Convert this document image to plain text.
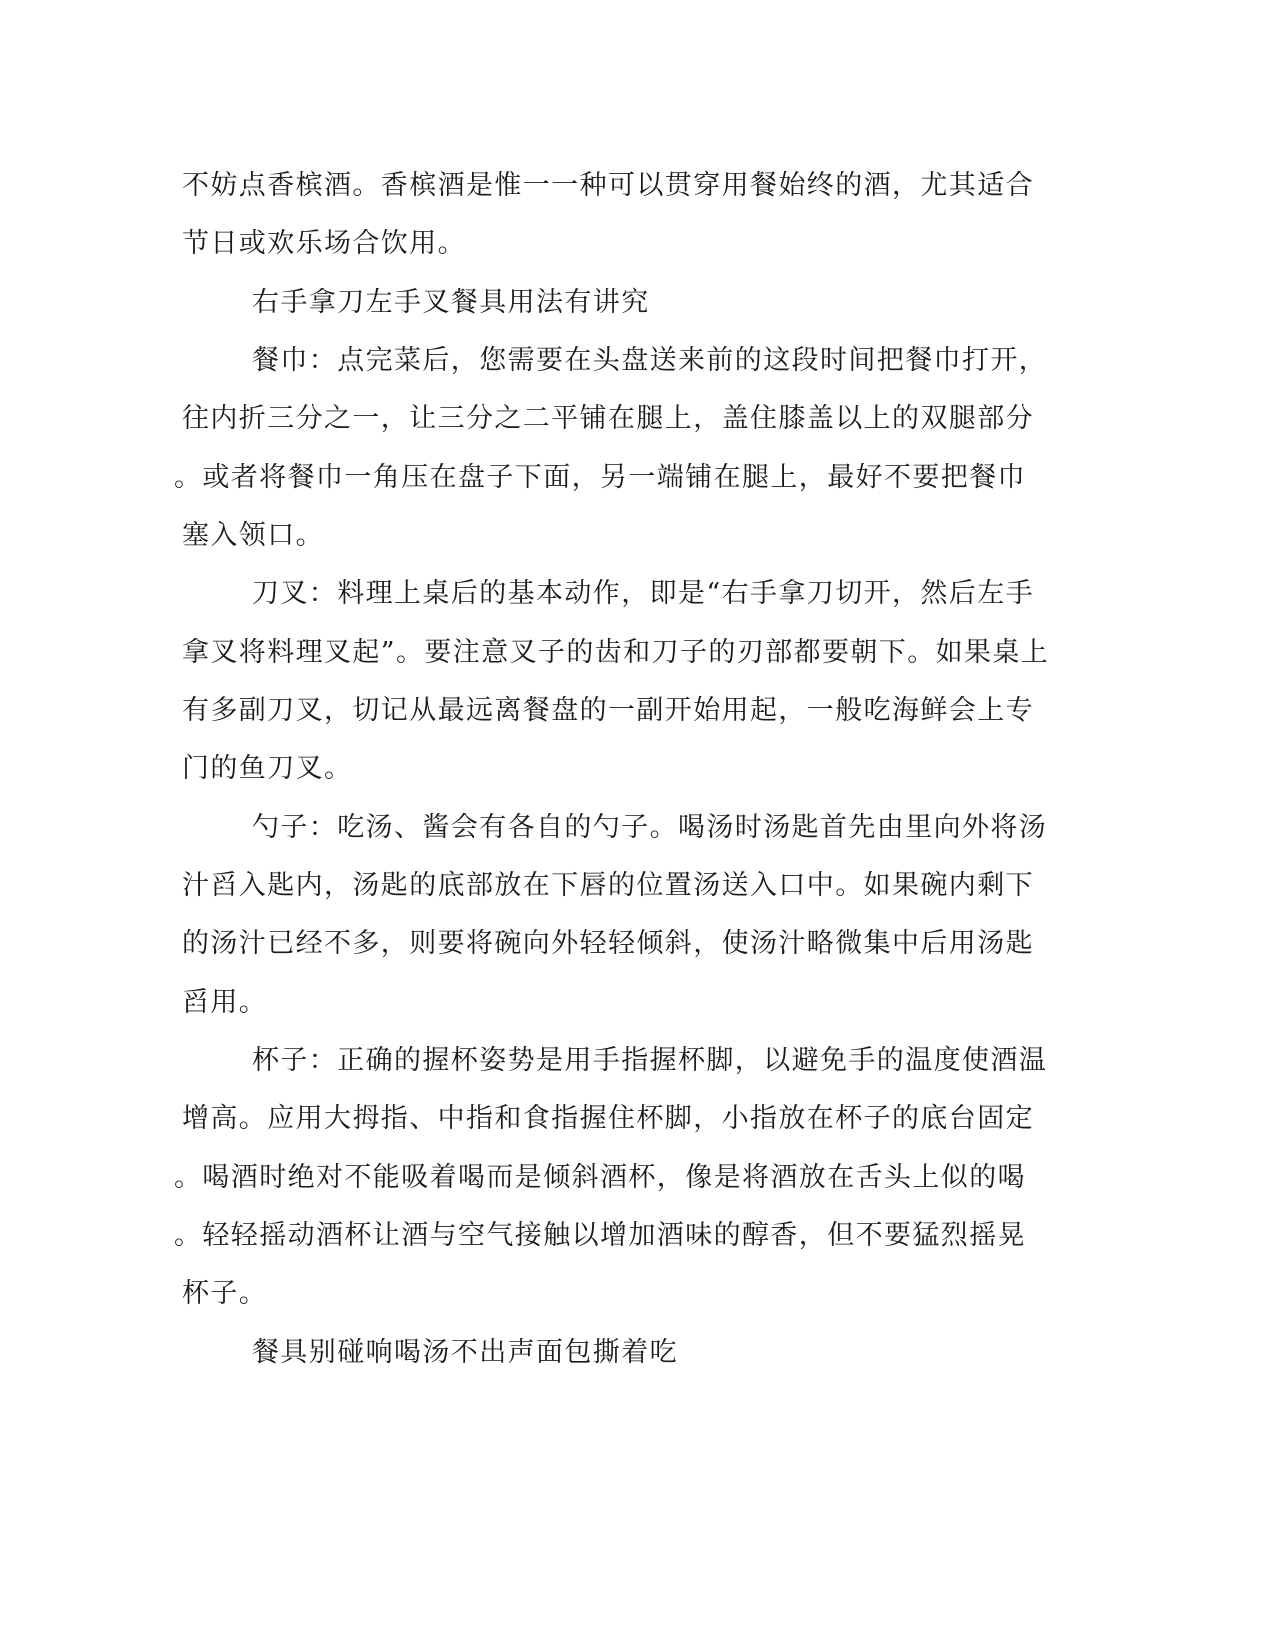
不妨点香槟酒。香槟酒是惟一一种可以贯穿用餐始终的酒，尤其适合
节日或欢乐场合饮用。
右手拿刀左手叉餐具用法有讲究
餐巾：点完菜后，您需要在头盘送来前的这段时间把餐巾打开，
往内折三分之一，让三分之二平铺在腿上，盖住膝盖以上的双腿部分
。或者将餐巾一角压在盘子下面，另一端铺在腿上，最好不要把餐巾
塞入领口。
刀叉：料理上桌后的基本动作，即是“右手拿刀切开，然后左手
拿叉将料理叉起”。要注意叉子的齿和刀子的刃部都要朝下。如果桌上
有多副刀叉，切记从最远离餐盘的一副开始用起，一般吃海鲜会上专
门的鱼刀叉。
勺子：吃汤、酱会有各自的勺子。喝汤时汤匙首先由里向外将汤
汁舀入匙内，汤匙的底部放在下唇的位置汤送入口中。如果碗内剩下
的汤汁已经不多，则要将碗向外轻轻倾斜，使汤汁略微集中后用汤匙
舀用。
杯子：正确的握杯姿势是用手指握杯脚，以避免手的温度使酒温
增高。应用大拇指、中指和食指握住杯脚，小指放在杯子的底台固定
。喝酒时绝对不能吸着喝而是倾斜酒杯，像是将酒放在舌头上似的喝
。轻轻摇动酒杯让酒与空气接触以增加酒味的醇香，但不要猛烈摇晃
杯子。
餐具别碰响喝汤不出声面包撕着吃
